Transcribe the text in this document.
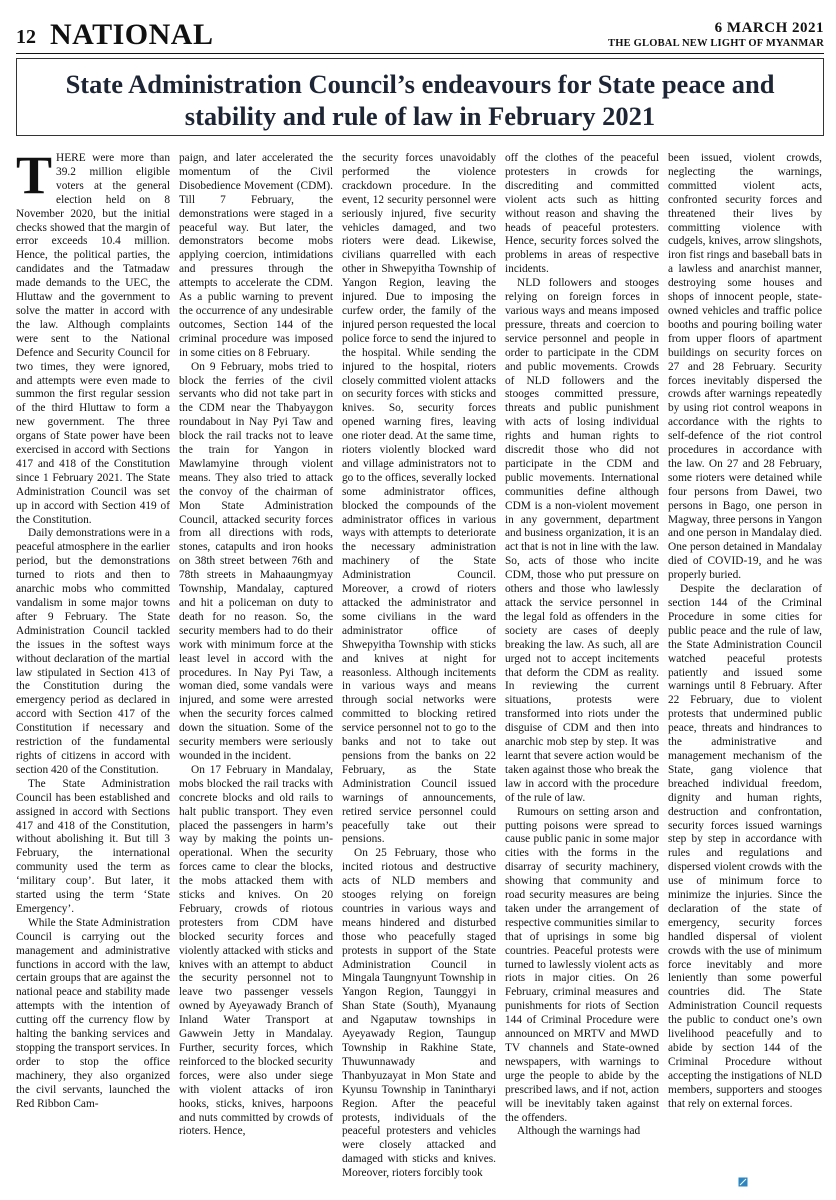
12 NATIONAL	6 MARCH 2021
THE GLOBAL NEW LIGHT OF MYANMAR
State Administration Council’s endeavours for State peace and
stability and rule of law in February 2021

THERE were more than 39.2 million eligible voters at the general election held on 8 November 2020, but the initial checks showed that the margin of error exceeds 10.4 million. Hence, the political parties, the candidates and the Tatmadaw made demands to the UEC, the Hluttaw and the government to solve the matter in accord with the law. Although complaints were sent to the National Defence and Security Council for two times, they were ignored, and attempts were even made to summon the first regular session of the third Hluttaw to form a new government. The three organs of State power have been exercised in accord with Sections 417 and 418 of the Constitution since 1 February 2021. The State Administration Council was set up in accord with Section 419 of the Constitution.

Daily demonstrations were in a peaceful atmosphere in the earlier period, but the demonstrations turned to riots and then to anarchic mobs who committed vandalism in some major towns after 9 February. The State Administration Council tackled the issues in the softest ways without declaration of the martial law stipulated in Section 413 of the Constitution during the emergency period as declared in accord with Section 417 of the Constitution if necessary and restriction of the fundamental rights of citizens in accord with section 420 of the Constitution.

The State Administration Council has been established and assigned in accord with Sections 417 and 418 of the Constitution, without abolishing it. But till 3 February, the international community used the term as ‘military coup’. But later, it started using the term ‘State Emergency’.

While the State Administration Council is carrying out the management and administrative functions in accord with the law, certain groups that are against the national peace and stability made attempts with the intention of cutting off the currency flow by halting the banking services and stopping the transport services. In order to stop the office machinery, they also organized the civil servants, launched the Red Ribbon Cam-

paign, and later accelerated the momentum of the Civil Disobedience Movement (CDM). Till 7 February, the demonstrations were staged in a peaceful way. But later, the demonstrators become mobs applying coercion, intimidations and pressures through the attempts to accelerate the CDM. As a public warning to prevent the occurrence of any undesirable outcomes, Section 144 of the criminal procedure was imposed in some cities on 8 February.

On 9 February, mobs tried to block the ferries of the civil servants who did not take part in the CDM near the Thabyaygon roundabout in Nay Pyi Taw and block the rail tracks not to leave the train for Yangon in Mawlamyine through violent means. They also tried to attack the convoy of the chairman of Mon State Administration Council, attacked security forces from all directions with rods, stones, catapults and iron hooks on 38th street between 76th and 78th streets in Mahaaungmyay Township, Mandalay, captured and hit a policeman on duty to death for no reason. So, the security members had to do their work with minimum force at the least level in accord with the procedures. In Nay Pyi Taw, a woman died, some vandals were injured, and some were arrested when the security forces calmed down the situation. Some of the security members were seriously wounded in the incident.

On 17 February in Mandalay, mobs blocked the rail tracks with concrete blocks and old rails to halt public transport. They even placed the passengers in harm’s way by making the points un-operational. When the security forces came to clear the blocks, the mobs attacked them with sticks and knives. On 20 February, crowds of riotous protesters from CDM have blocked security forces and violently attacked with sticks and knives with an attempt to abduct the security personnel not to leave two passenger vessels owned by Ayeyawady Branch of Inland Water Transport at Gawwein Jetty in Mandalay. Further, security forces, which reinforced to the blocked security forces, were also under siege with violent attacks of iron hooks, sticks, knives, harpoons and nuts committed by crowds of rioters. Hence,

the security forces unavoidably performed the violence crackdown procedure. In the event, 12 security personnel were seriously injured, five security vehicles damaged, and two rioters were dead. Likewise, civilians quarrelled with each other in Shwepyitha Township of Yangon Region, leaving the injured. Due to imposing the curfew order, the family of the injured person requested the local police force to send the injured to the hospital. While sending the injured to the hospital, rioters closely committed violent attacks on security forces with sticks and knives. So, security forces opened warning fires, leaving one rioter dead. At the same time, rioters violently blocked ward and village administrators not to go to the offices, severally locked some administrator offices, blocked the compounds of the administrator offices in various ways with attempts to deteriorate the necessary administration machinery of the State Administration Council. Moreover, a crowd of rioters attacked the administrator and some civilians in the ward administrator office of Shwepyitha Township with sticks and knives at night for reasonless. Although incitements in various ways and means through social networks were committed to blocking retired service personnel not to go to the banks and not to take out pensions from the banks on 22 February, as the State Administration Council issued warnings of announcements, retired service personnel could peacefully take out their pensions.

On 25 February, those who incited riotous and destructive acts of NLD members and stooges relying on foreign countries in various ways and means hindered and disturbed those who peacefully staged protests in support of the State Administration Council in Mingala Taungnyunt Township in Yangon Region, Taunggyi in Shan State (South), Myanaung and Ngaputaw townships in Ayeyawady Region, Taungup Township in Rakhine State, Thuwunnawady and Thanbyuzayat in Mon State and Kyunsu Township in Tanintharyi Region. After the peaceful protests, individuals of the peaceful protesters and vehicles were closely attacked and damaged with sticks and knives. Moreover, rioters forcibly took

off the clothes of the peaceful protesters in crowds for discrediting and committed violent acts such as hitting without reason and shaving the heads of peaceful protesters. Hence, security forces solved the problems in areas of respective incidents.

NLD followers and stooges relying on foreign forces in various ways and means imposed pressure, threats and coercion to service personnel and people in order to participate in the CDM and public movements. Crowds of NLD followers and the stooges committed pressure, threats and public punishment with acts of losing individual rights and human rights to discredit those who did not participate in the CDM and public movements. International communities define although CDM is a non-violent movement in any government, department and business organization, it is an act that is not in line with the law. So, acts of those who incite CDM, those who put pressure on others and those who lawlessly attack the service personnel in the legal fold as offenders in the society are cases of deeply breaking the law. As such, all are urged not to accept incitements that deform the CDM as reality. In reviewing the current situations, protests were transformed into riots under the disguise of CDM and then into anarchic mob step by step. It was learnt that severe action would be taken against those who break the law in accord with the procedure of the rule of law.

Rumours on setting arson and putting poisons were spread to cause public panic in some major cities with the forms in the disarray of security machinery, showing that community and road security measures are being taken under the arrangement of respective communities similar to that of uprisings in some big countries. Peaceful protests were turned to lawlessly violent acts as riots in major cities. On 26 February, criminal measures and punishments for riots of Section 144 of Criminal Procedure were announced on MRTV and MWD TV channels and State-owned newspapers, with warnings to urge the people to abide by the prescribed laws, and if not, action will be inevitably taken against the offenders.

Although the warnings had

been issued, violent crowds, neglecting the warnings, committed violent acts, confronted security forces and threatened their lives by committing violence with cudgels, knives, arrow slingshots, iron fist rings and baseball bats in a lawless and anarchist manner, destroying some houses and shops of innocent people, state-owned vehicles and traffic police booths and pouring boiling water from upper floors of apartment buildings on security forces on 27 and 28 February. Security forces inevitably dispersed the crowds after warnings repeatedly by using riot control weapons in accordance with the rights to self-defence of the riot control procedures in accordance with the law. On 27 and 28 February, some rioters were detained while four persons from Dawei, two persons in Bago, one person in Magway, three persons in Yangon and one person in Mandalay died. One person detained in Mandalay died of COVID-19, and he was properly buried.

Despite the declaration of section 144 of the Criminal Procedure in some cities for public peace and the rule of law, the State Administration Council watched peaceful protests patiently and issued some warnings until 8 February. After 22 February, due to violent protests that undermined public peace, threats and hindrances to the administrative and management mechanism of the State, gang violence that breached individual freedom, dignity and human rights, destruction and confrontation, security forces issued warnings step by step in accordance with rules and regulations and dispersed violent crowds with the use of minimum force to minimize the injuries. Since the declaration of the state of emergency, security forces handled dispersal of violent crowds with the use of minimum force inevitably and more leniently than some powerful countries did. The State Administration Council requests the public to conduct one’s own livelihood peacefully and to abide by section 144 of the Criminal Procedure without accepting the instigations of NLD members, supporters and stooges that rely on external forces.
